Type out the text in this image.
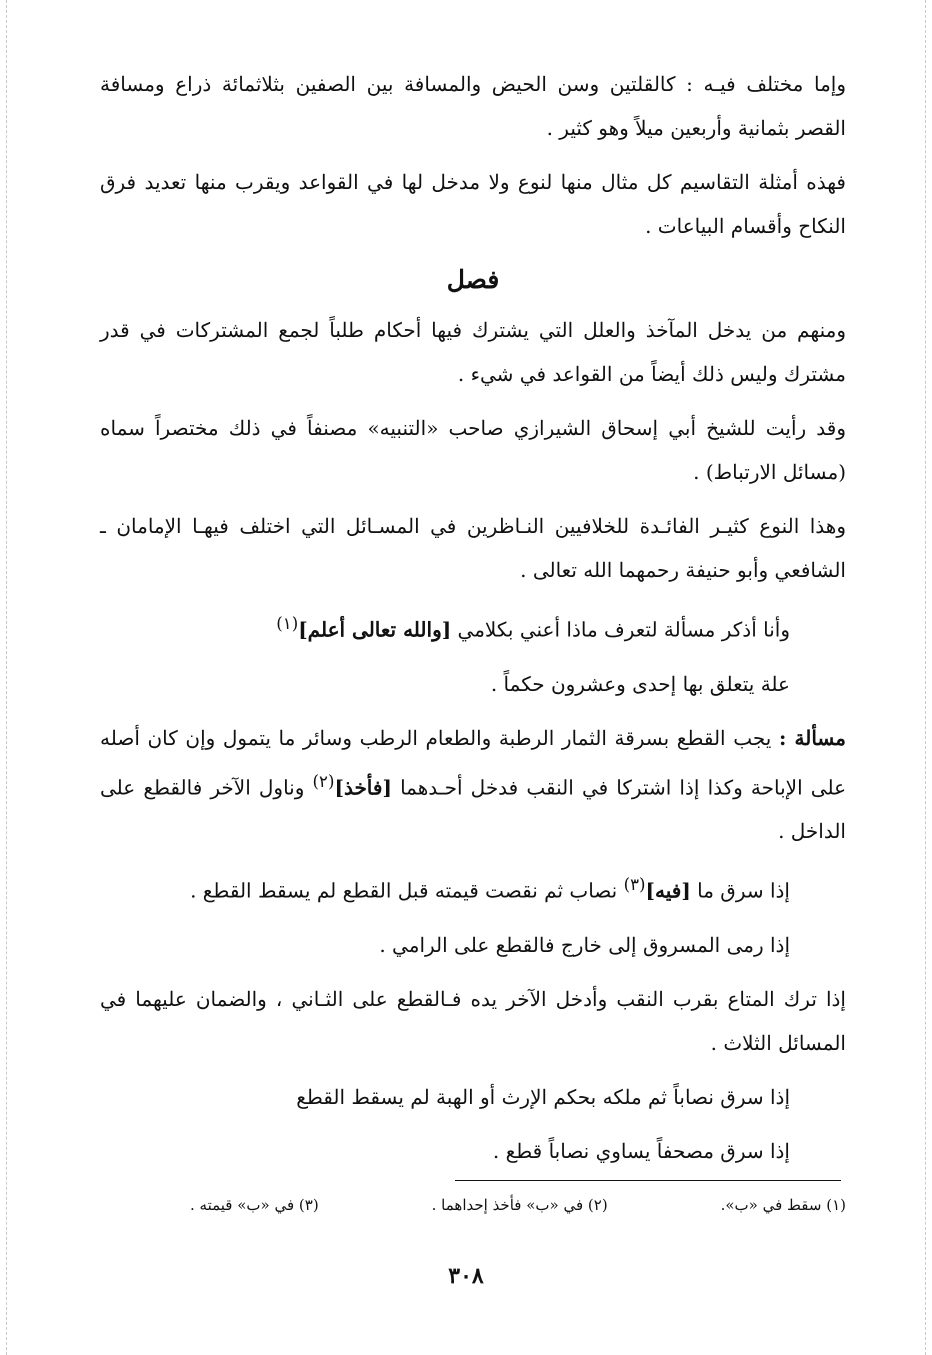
وإما مختلف فيـه : كالقلتين وسن الحيض والمسافة بين الصفين بثلاثمائة ذراع ومسافة القصر بثمانية وأربعين ميلاً وهو كثير .

فهذه أمثلة التقاسيم كل مثال منها لنوع ولا مدخل لها في القواعد ويقرب منها تعديد فرق النكاح وأقسام البياعات .

فصل

ومنهم من يدخل المآخذ والعلل التي يشترك فيها أحكام طلباً لجمع المشتركات في قدر مشترك وليس ذلك أيضاً من القواعد في شيء .

وقد رأيت للشيخ أبي إسحاق الشيرازي صاحب «التنبيه» مصنفاً في ذلك مختصراً سماه (مسائل الارتباط) .

وهذا النوع كثيـر الفائـدة للخلافيين النـاظرين في المسـائل التي اختلف فيهـا الإمامان ـ الشافعي وأبو حنيفة رحمهما الله تعالى .

وأنا أذكر مسألة لتعرف ماذا أعني بكلامي [والله تعالى أعلم]$^{(١)}$

علة يتعلق بها إحدى وعشرون حكماً .

مسألة : يجب القطع بسرقة الثمار الرطبة والطعام الرطب وسائر ما يتمول وإن كان أصله على الإباحة وكذا إذا اشتركا في النقب فدخل أحـدهما [فأخذ]$^{(٢)}$ وناول الآخر فالقطع على الداخل .

إذا سرق ما [فيه]$^{(٣)}$ نصاب ثم نقصت قيمته قبل القطع لم يسقط القطع .

إذا رمى المسروق إلى خارج فالقطع على الرامي .

إذا ترك المتاع بقرب النقب وأدخل الآخر يده فـالقطع على الثـاني ، والضمان عليهما في المسائل الثلاث .

إذا سرق نصاباً ثم ملكه بحكم الإرث أو الهبة لم يسقط القطع

إذا سرق مصحفاً يساوي نصاباً قطع .

(١) سقط في «ب».
(٢) في «ب» فأخذ إحداهما .
(٣) في «ب» قيمته .
٣٠٨
